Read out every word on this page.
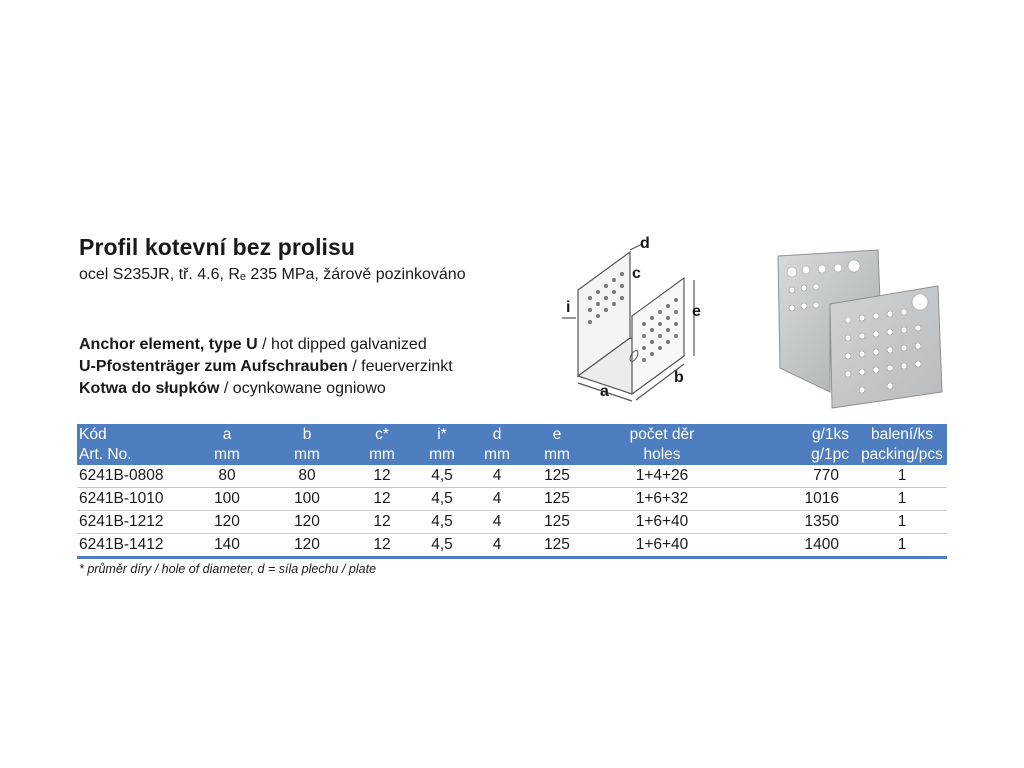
Profil kotevní bez prolisu
ocel S235JR, tř. 4.6, Rₑ 235 MPa, žárově pozinkováno
Anchor element, type U / hot dipped galvanized
U-Pfostenträger zum Aufschrauben / feuerverzinkt
Kotwa do słupków / ocynkowane ogniowo
d
c
i	e
b
a
Kód	a	b	c*	i*	d	e	počet děr	g/1ks	balení/ks
Art. No.	mm	mm	mm	mm	mm	mm	holes	g/1pc	packing/pcs
6241B-0808	80	80	12	4,5	4	125	1+4+26	770	1
6241B-1010	100	100	12	4,5	4	125	1+6+32	1016	1
6241B-1212	120	120	12	4,5	4	125	1+6+40	1350	1
6241B-1412	140	120	12	4,5	4	125	1+6+40	1400	1
* průměr díry / hole of diameter, d = síla plechu / plate
